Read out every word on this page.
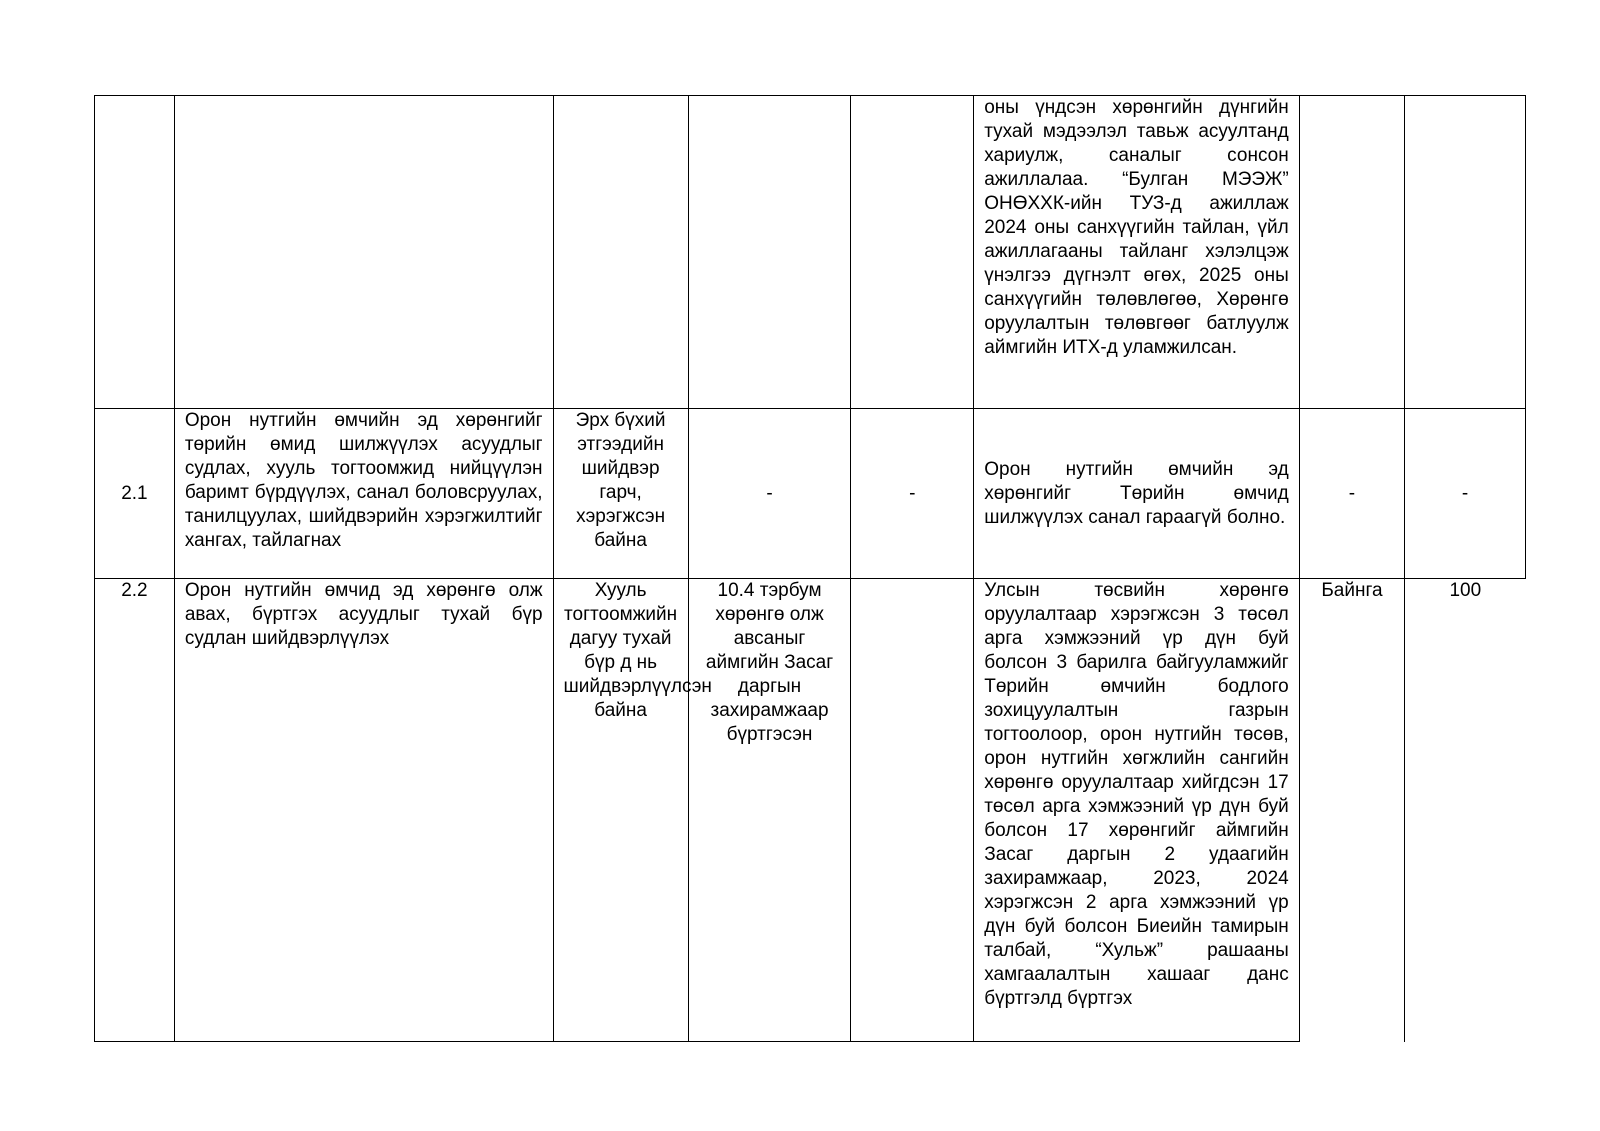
					оны үндсэн хөрөнгийн дүнгийн тухай мэдээлэл тавьж асуултанд хариулж, саналыг сонсон ажиллалаа. “Булган МЭЭЖ” ОНӨХХК-ийн ТУЗ-д ажиллаж 2024 оны санхүүгийн тайлан, үйл ажиллагааны тайланг хэлэлцэж үнэлгээ дүгнэлт өгөх, 2025 оны санхүүгийн төлөвлөгөө, Хөрөнгө оруулалтын төлөвгөөг батлуулж аймгийн ИТХ-д уламжилсан.		
2.1	Орон нутгийн өмчийн эд хөрөнгийг төрийн өмид шилжүүлэх асуудлыг судлах, хууль тогтоомжид нийцүүлэн баримт бүрдүүлэх, санал боловсруулах, танилцуулах, шийдвэрийн хэрэгжилтийг хангах, тайлагнах	Эрх бүхий этгээдийн шийдвэр гарч, хэрэгжсэн байна	-	-	Орон нутгийн өмчийн эд хөрөнгийг Төрийн өмчид шилжүүлэх санал гараагүй болно.	-	-
2.2	Орон нутгийн өмчид эд хөрөнгө олж авах, бүртгэх асуудлыг тухай бүр судлан шийдвэрлүүлэх	Хууль тогтоомжийн дагуу тухай бүр д нь шийдвэрлүүлсэн байна	10.4 тэрбум хөрөнгө олж авсаныг аймгийн Засаг даргын захирамжаар бүртгэсэн		Улсын төсвийн хөрөнгө оруулалтаар хэрэгжсэн 3 төсөл арга хэмжээний үр дүн буй болсон 3 барилга байгууламжийг Төрийн өмчийн бодлого зохицуулалтын газрын тогтоолоор, орон нутгийн төсөв, орон нутгийн хөгжлийн сангийн хөрөнгө оруулалтаар хийгдсэн 17 төсөл арга хэмжээний үр дүн буй болсон 17 хөрөнгийг аймгийн Засаг даргын 2 удаагийн захирамжаар, 2023, 2024 хэрэгжсэн 2 арга хэмжээний үр дүн буй болсон Биеийн тамирын талбай, “Хульж” рашааны хамгаалалтын хашааг данс бүртгэлд бүртгэх	Байнга	100
